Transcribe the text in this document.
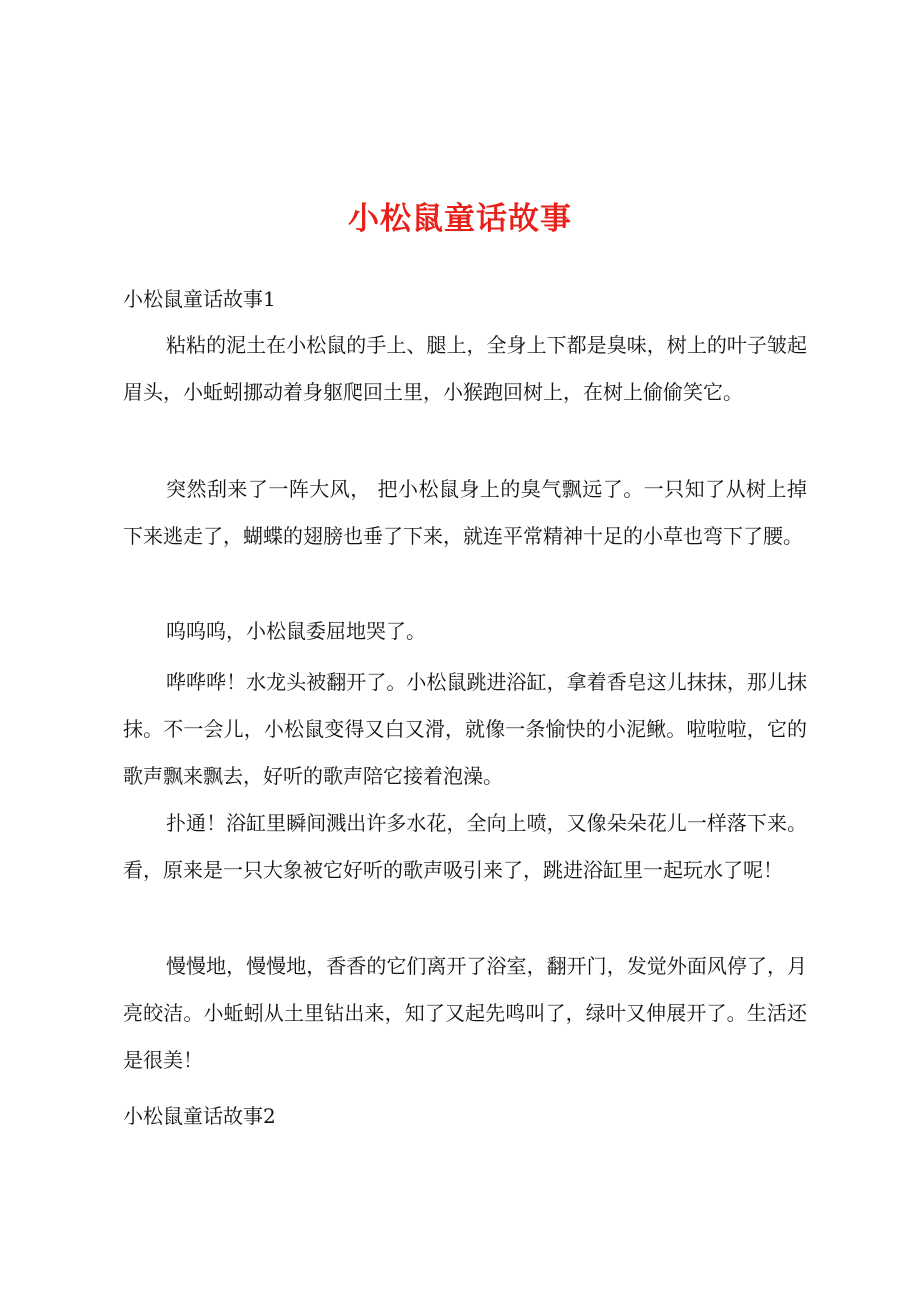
小松鼠童话故事

小松鼠童话故事1

粘粘的泥土在小松鼠的手上、腿上，全身上下都是臭味，树上的叶子皱起眉头，小蚯蚓挪动着身躯爬回土里，小猴跑回树上，在树上偷偷笑它。

突然刮来了一阵大风， 把小松鼠身上的臭气飘远了。一只知了从树上掉下来逃走了，蝴蝶的翅膀也垂了下来，就连平常精神十足的小草也弯下了腰。

呜呜呜，小松鼠委屈地哭了。

哗哗哗！水龙头被翻开了。小松鼠跳进浴缸，拿着香皂这儿抹抹，那儿抹抹。不一会儿，小松鼠变得又白又滑，就像一条愉快的小泥鳅。啦啦啦，它的歌声飘来飘去，好听的歌声陪它接着泡澡。

扑通！浴缸里瞬间溅出许多水花，全向上喷，又像朵朵花儿一样落下来。看，原来是一只大象被它好听的歌声吸引来了，跳进浴缸里一起玩水了呢！

慢慢地，慢慢地，香香的它们离开了浴室，翻开门，发觉外面风停了，月亮皎洁。小蚯蚓从土里钻出来，知了又起先鸣叫了，绿叶又伸展开了。生活还是很美！

小松鼠童话故事2
